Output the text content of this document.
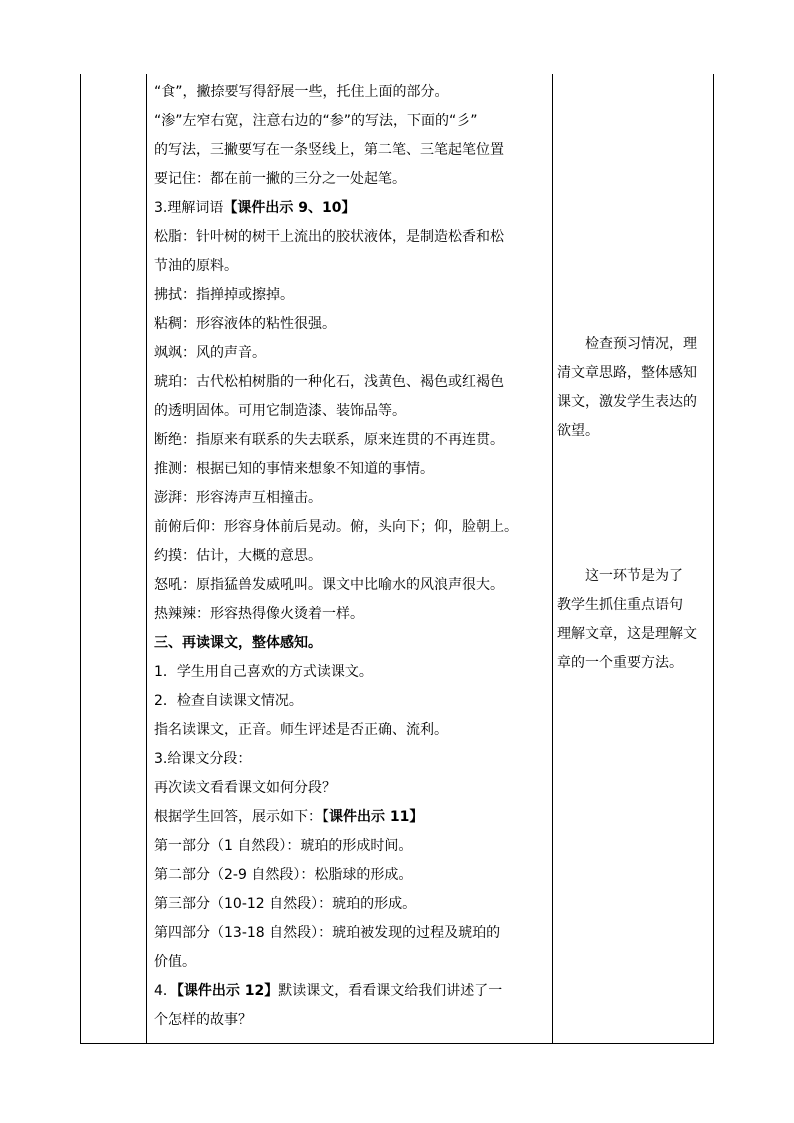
“食”，撇捺要写得舒展一些，托住上面的部分。
“渗”左窄右宽，注意右边的“参”的写法，下面的“彡”
的写法，三撇要写在一条竖线上，第二笔、三笔起笔位置
要记住：都在前一撇的三分之一处起笔。
3.理解词语【课件出示 9、10】
松脂：针叶树的树干上流出的胶状液体，是制造松香和松
节油的原料。
拂拭：指掸掉或擦掉。
粘稠：形容液体的粘性很强。
飒飒：风的声音。
琥珀：古代松柏树脂的一种化石，浅黄色、褐色或红褐色
的透明固体。可用它制造漆、装饰品等。
断绝：指原来有联系的失去联系，原来连贯的不再连贯。
推测：根据已知的事情来想象不知道的事情。
澎湃：形容涛声互相撞击。
前俯后仰：形容身体前后晃动。俯，头向下；仰，脸朝上。
约摸：估计，大概的意思。
怒吼：原指猛兽发威吼叫。课文中比喻水的风浪声很大。
热辣辣：形容热得像火烫着一样。
三、再读课文，整体感知。
1．学生用自己喜欢的方式读课文。
2．检查自读课文情况。
指名读课文，正音。师生评述是否正确、流利。
3.给课文分段：
再次读文看看课文如何分段？
根据学生回答，展示如下：【课件出示 11】
第一部分（1 自然段）：琥珀的形成时间。
第二部分（2-9 自然段）：松脂球的形成。
第三部分（10-12 自然段）：琥珀的形成。
第四部分（13-18 自然段）：琥珀被发现的过程及琥珀的
价值。
4．【课件出示 12】默读课文，看看课文给我们讲述了一
个怎样的故事？
　　检查预习情况，理
清文章思路，整体感知
课文，激发学生表达的
欲望。
　　这一环节是为了
教学生抓住重点语句
理解文章，这是理解文
章的一个重要方法。
